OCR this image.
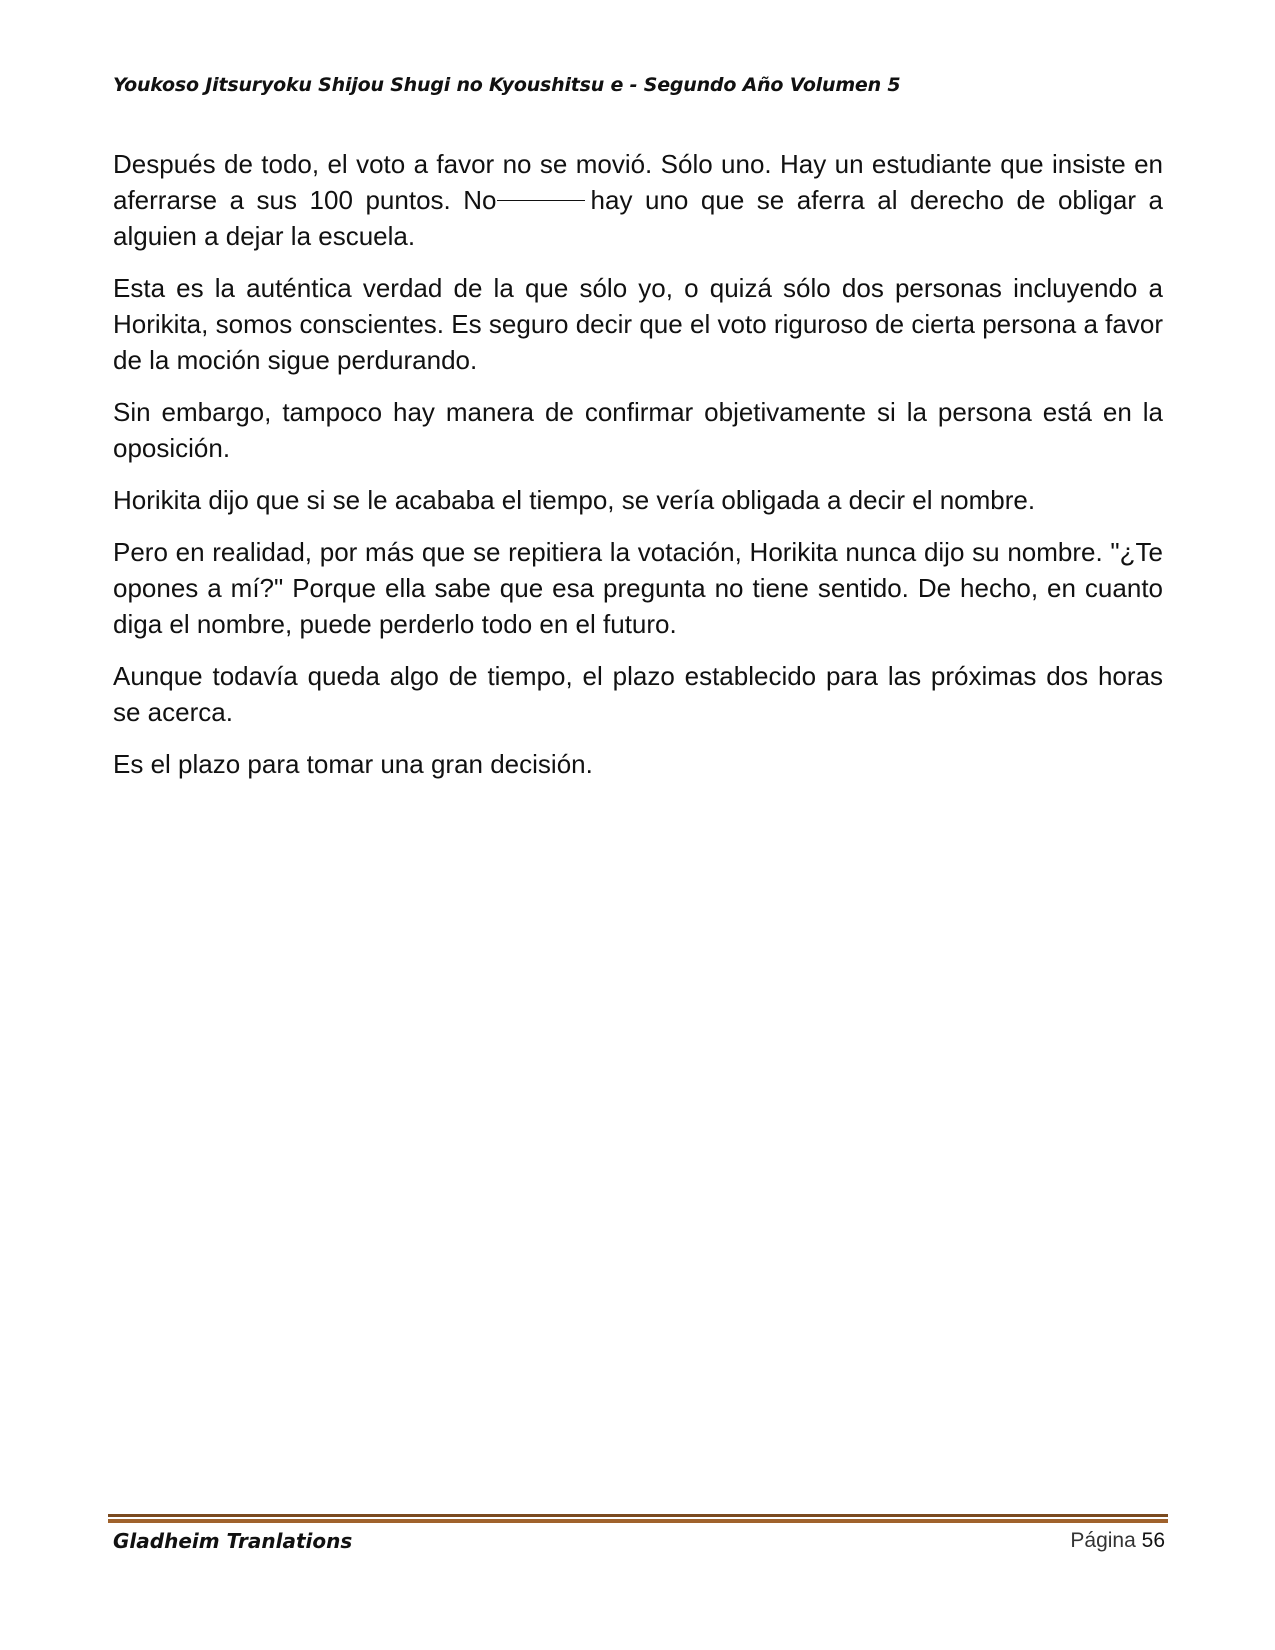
Youkoso Jitsuryoku Shijou Shugi no Kyoushitsu e - Segundo Año Volumen 5

Después de todo, el voto a favor no se movió. Sólo uno. Hay un estudiante que insiste en aferrarse a sus 100 puntos. No	hay uno que se aferra al derecho de obligar a alguien a dejar la escuela.

Esta es la auténtica verdad de la que sólo yo, o quizá sólo dos personas incluyendo a Horikita, somos conscientes. Es seguro decir que el voto riguroso de cierta persona a favor de la moción sigue perdurando.

Sin embargo, tampoco hay manera de confirmar objetivamente si la persona está en la oposición.

Horikita dijo que si se le acababa el tiempo, se vería obligada a decir el nombre.

Pero en realidad, por más que se repitiera la votación, Horikita nunca dijo su nombre. "¿Te opones a mí?" Porque ella sabe que esa pregunta no tiene sentido. De hecho, en cuanto diga el nombre, puede perderlo todo en el futuro.

Aunque todavía queda algo de tiempo, el plazo establecido para las próximas dos horas se acerca.

Es el plazo para tomar una gran decisión.

Gladheim Tranlations	Página 56
